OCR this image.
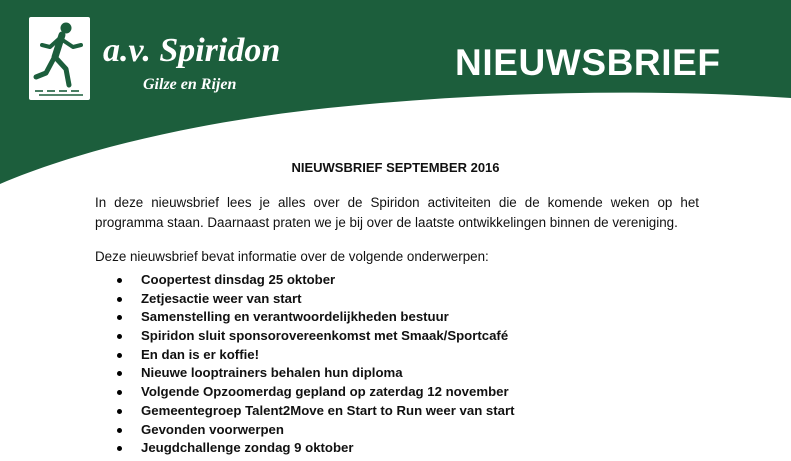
a.v. Spiridon
Gilze en Rijen
NIEUWSBRIEF
NIEUWSBRIEF SEPTEMBER 2016

In deze nieuwsbrief lees je alles over de Spiridon activiteiten die de komende weken op het programma staan. Daarnaast praten we je bij over de laatste ontwikkelingen binnen de vereniging.

Deze nieuwsbrief bevat informatie over de volgende onderwerpen:

Coopertest dinsdag 25 oktober
Zetjesactie weer van start
Samenstelling en verantwoordelijkheden bestuur
Spiridon sluit sponsorovereenkomst met Smaak/Sportcafé
En dan is er koffie!
Nieuwe looptrainers behalen hun diploma
Volgende Opzoomerdag gepland op zaterdag 12 november
Gemeentegroep Talent2Move en Start to Run weer van start
Gevonden voorwerpen
Jeugdchallenge zondag 9 oktober
